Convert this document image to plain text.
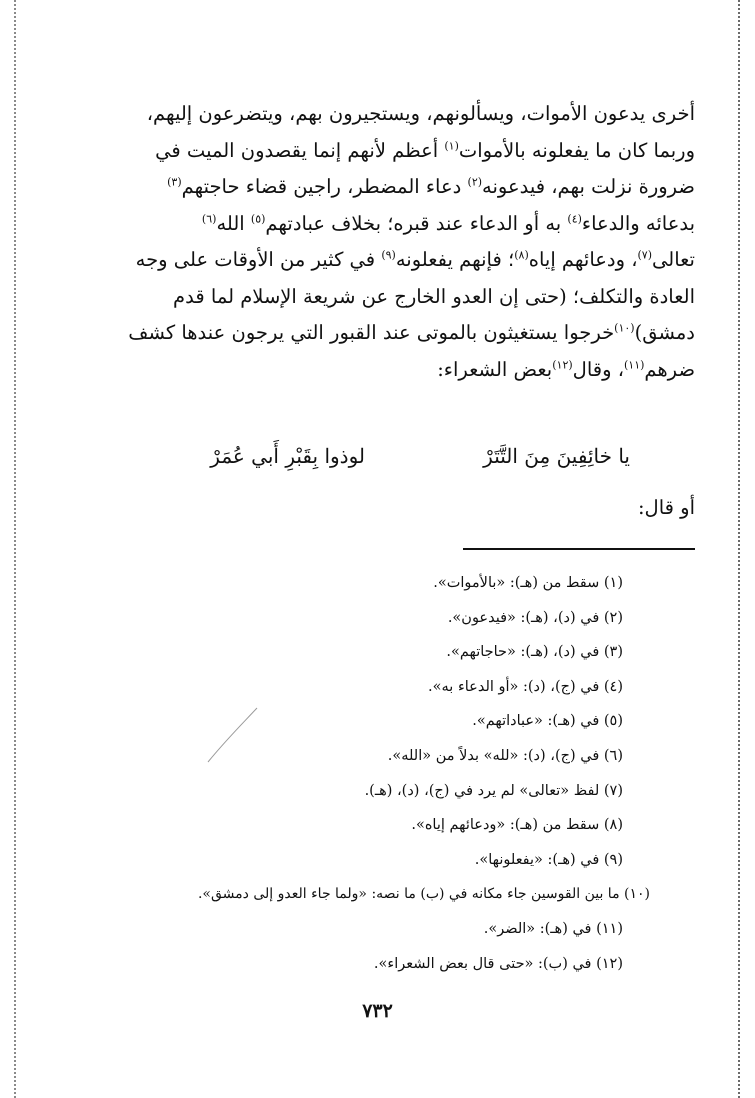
أخرى يدعون الأموات، ويسألونهم، ويستجيرون بهم، ويتضرعون إليهم،

وربما كان ما يفعلونه بالأموات$^{(١)}$ أعظم لأنهم إنما يقصدون الميت في

ضرورة نزلت بهم، فيدعونه$^{(٢)}$ دعاء المضطر، راجين قضاء حاجتهم$^{(٣)}$

بدعائه والدعاء$^{(٤)}$ به أو الدعاء عند قبره؛ بخلاف عبادتهم$^{(٥)}$ الله$^{(٦)}$

تعالى$^{(٧)}$، ودعائهم إياه$^{(٨)}$؛ فإنهم يفعلونه$^{(٩)}$ في كثير من الأوقات على وجه

العادة والتكلف؛ (حتى إن العدو الخارج عن شريعة الإسلام لما قدم

دمشق)$^{(١٠)}$خرجوا يستغيثون بالموتى عند القبور التي يرجون عندها كشف

ضرهم$^{(١١)}$، وقال$^{(١٢)}$بعض الشعراء:

يا خائِفِينَ مِنَ التَّتَرْ
لوذوا بِقَبْرِ أَبي عُمَرْ
أو قال:
(١) سقط من (هـ): «بالأموات».
(٢) في (د)، (هـ): «فيدعون».
(٣) في (د)، (هـ): «حاجاتهم».
(٤) في (ج)، (د): «أو الدعاء به».
(٥) في (هـ): «عباداتهم».
(٦) في (ج)، (د): «لله» بدلاً من «الله».
(٧) لفظ «تعالى» لم يرد في (ج)، (د)، (هـ).
(٨) سقط من (هـ): «ودعائهم إياه».
(٩) في (هـ): «يفعلونها».
(١٠) ما بين القوسين جاء مكانه في (ب) ما نصه: «ولما جاء العدو إلى دمشق».
(١١) في (هـ): «الضر».
(١٢) في (ب): «حتى قال بعض الشعراء».
٧٣٢
